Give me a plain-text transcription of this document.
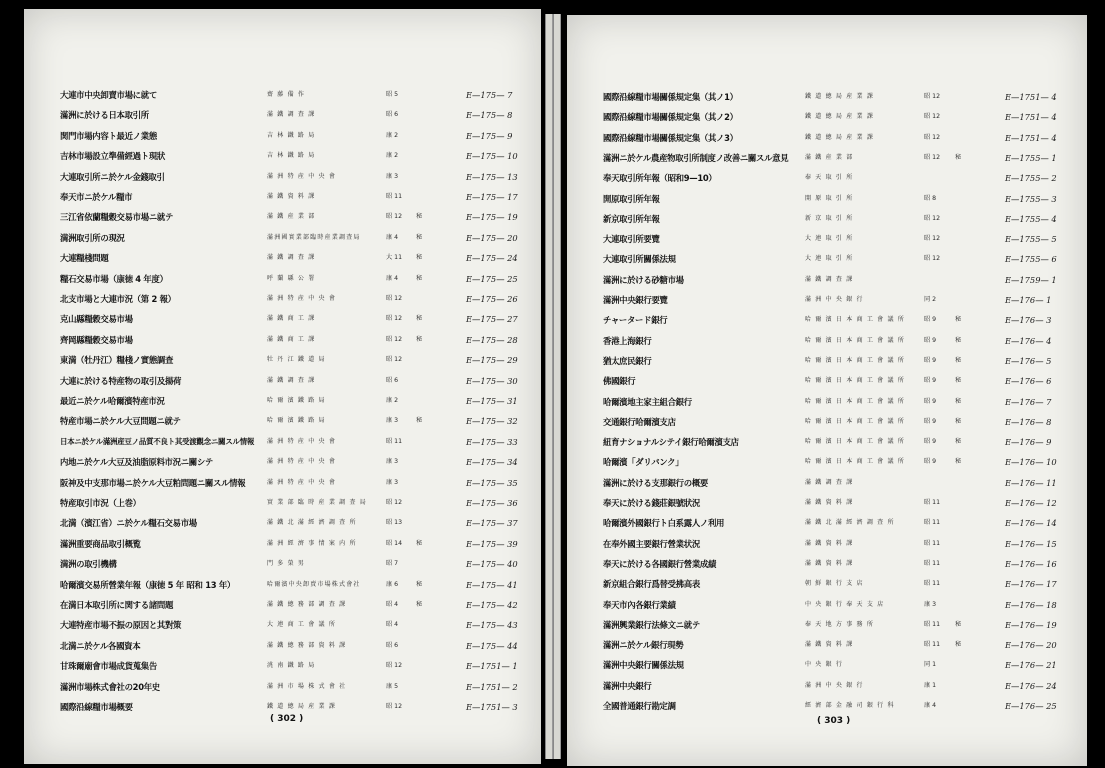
大連市中央卸賣市場に就て	齋 藤 備 作	昭 5	E—175— 7
滿洲に於ける日本取引所	滿 鐵 調 査 課	昭 6	E—175— 8
関門市場内容ト最近ノ業態	吉 林 鐵 路 局	康 2	E—175— 9
吉林市場設立準備經過ト現狀	吉 林 鐵 路 局	康 2	E—175— 10
大連取引所ニ於ケル金錢取引	滿 洲 特 産 中 央 會	康 3	E—175— 13
奉天市ニ於ケル糧市	滿 鐵 資 料 課	昭 11	E—175— 17
三江省依蘭糧穀交易市場ニ就テ	滿 鐵 産 業 部	昭 12	秘	E—175— 19
満洲取引所の現況	滿洲國實業部臨時産業調査局	康 4	秘	E—175— 20
大連糧棧問題	滿 鐵 調 査 課	大 11	秘	E—175— 24
糧石交易市場（康徳 4 年度）	呼 蘭 縣 公 署	康 4	秘	E—175— 25
北支市場と大連市況（第 2 報）	滿 洲 特 産 中 央 會	昭 12	E—175— 26
克山縣糧穀交易市場	滿 鐵 商 工 課	昭 12	秘	E—175— 27
齊岡縣糧穀交易市場	滿 鐵 商 工 課	昭 12	秘	E—175— 28
東満（牡丹江）糧棧ノ實態調査	牡 丹 江 鐵 道 局	昭 12	E—175— 29
大連に於ける特産物の取引及揚荷	滿 鐵 調 査 課	昭 6	E—175— 30
最近ニ於ケル哈爾濱特産市況	哈 爾 濱 鐵 路 局	康 2	E—175— 31
特産市場ニ於ケル大豆問題ニ就テ	哈 爾 濱 鐵 路 局	康 3	秘	E—175— 32
日本ニ於ケル滿洲産豆ノ品質不良ト其受渡觀念ニ關スル情報	滿 洲 特 産 中 央 會	昭 11	E—175— 33
内地ニ於ケル大豆及油脂原料市況ニ關シテ	滿 洲 特 産 中 央 會	康 3	E—175— 34
阪神及中支那市場ニ於ケル大豆粕問題ニ關スル情報	滿 洲 特 産 中 央 會	康 3	E—175— 35
特産取引市況（上巻）	實 業 部 臨 時 産 業 調 査 局	昭 12	E—175— 36
北満（濱江省）ニ於ケル糧石交易市場	滿 鐵 北 滿 經 濟 調 査 所	昭 13	E—175— 37
滿洲重要商品取引概覧	滿 洲 經 濟 事 情 案 内 所	昭 14	秘	E—175— 39
満洲の取引機構	門 多 榮 男	昭 7	E—175— 40
哈爾濱交易所營業年報（康徳 5 年 昭和 13 年）	哈爾濱中央卸賣市場株式會社	康 6	秘	E—175— 41
在満日本取引所に関する諸問題	滿 鐵 總 務 部 調 査 課	昭 4	秘	E—175— 42
大連特産市場不振の原因と其對策	大 連 商 工 會 議 所	昭 4	E—175— 43
北満ニ於ケル各國資本	滿 鐵 總 務 部 資 料 課	昭 6	E—175— 44
甘珠爾廟會市場成貨蒐集告	洮 南 鐵 路 局	昭 12	E—1751— 1
滿洲市場株式會社の20年史	滿 洲 市 場 株 式 會 社	康 5	E—1751— 2
國際沿線糧市場概要	鐵 道 總 局 産 業 課	昭 12	E—1751— 3
( 302 )
國際沿線糧市場關係規定集（其ノ1）	鐵 道 總 局 産 業 課	昭 12	E—1751— 4
國際沿線糧市場關係規定集（其ノ2）	鐵 道 總 局 産 業 課	昭 12	E—1751— 4
國際沿線糧市場關係規定集（其ノ3）	鐵 道 總 局 産 業 課	昭 12	E—1751— 4
滿洲ニ於ケル農産物取引所制度ノ改善ニ關スル意見	滿 鐵 産 業 部	昭 12	秘	E—1755— 1
奉天取引所年報（昭和9—10）	奉 天 取 引 所	E—1755— 2
開原取引所年報	開 原 取 引 所	昭 8	E—1755— 3
新京取引所年報	新 京 取 引 所	昭 12	E—1755— 4
大連取引所要覽	大 連 取 引 所	昭 12	E—1755— 5
大連取引所關係法規	大 連 取 引 所	昭 12	E—1755— 6
滿洲に於ける砂糖市場	滿 鐵 調 査 課	E—1759— 1
滿洲中央銀行要覽	滿 洲 中 央 銀 行	同 2	E—176— 1
チャータード銀行	哈 爾 濱 日 本 商 工 會 議 所	昭 9	秘	E—176— 3
香港上海銀行	哈 爾 濱 日 本 商 工 會 議 所	昭 9	秘	E—176— 4
猶太庶民銀行	哈 爾 濱 日 本 商 工 會 議 所	昭 9	秘	E—176— 5
佛國銀行	哈 爾 濱 日 本 商 工 會 議 所	昭 9	秘	E—176— 6
哈爾濱地主家主組合銀行	哈 爾 濱 日 本 商 工 會 議 所	昭 9	秘	E—176— 7
交通銀行哈爾濱支店	哈 爾 濱 日 本 商 工 會 議 所	昭 9	秘	E—176— 8
紐育ナショナルシテイ銀行哈爾濱支店	哈 爾 濱 日 本 商 工 會 議 所	昭 9	秘	E—176— 9
哈爾濱「ダリバンク」	哈 爾 濱 日 本 商 工 會 議 所	昭 9	秘	E—176— 10
滿洲に於ける支那銀行の概要	滿 鐵 調 査 課	E—176— 11
奉天に於ける錢莊銀號狀況	滿 鐵 資 料 課	昭 11	E—176— 12
哈爾濱外國銀行ト白系露人ノ利用	滿 鐵 北 滿 經 濟 調 査 所	昭 11	E—176— 14
在奉外國主要銀行營業状況	滿 鐵 資 料 課	昭 11	E—176— 15
奉天に於ける各國銀行營業成績	滿 鐵 資 料 課	昭 11	E—176— 16
新京組合銀行爲替受拂高表	朝 鮮 銀 行 支 店	昭 11	E—176— 17
奉天市內各銀行業績	中 央 銀 行 奉 天 支 店	康 3	E—176— 18
滿洲興業銀行法條文ニ就テ	奉 天 地 方 事 務 所	昭 11	秘	E—176— 19
滿洲ニ於ケル銀行現勢	滿 鐵 資 料 課	昭 11	秘	E—176— 20
滿洲中央銀行關係法規	中 央 銀 行	同 1	E—176— 21
滿洲中央銀行	滿 洲 中 央 銀 行	康 1	E—176— 24
全國普通銀行勘定調	經 濟 部 金 融 司 銀 行 科	康 4	E—176— 25
( 303 )
